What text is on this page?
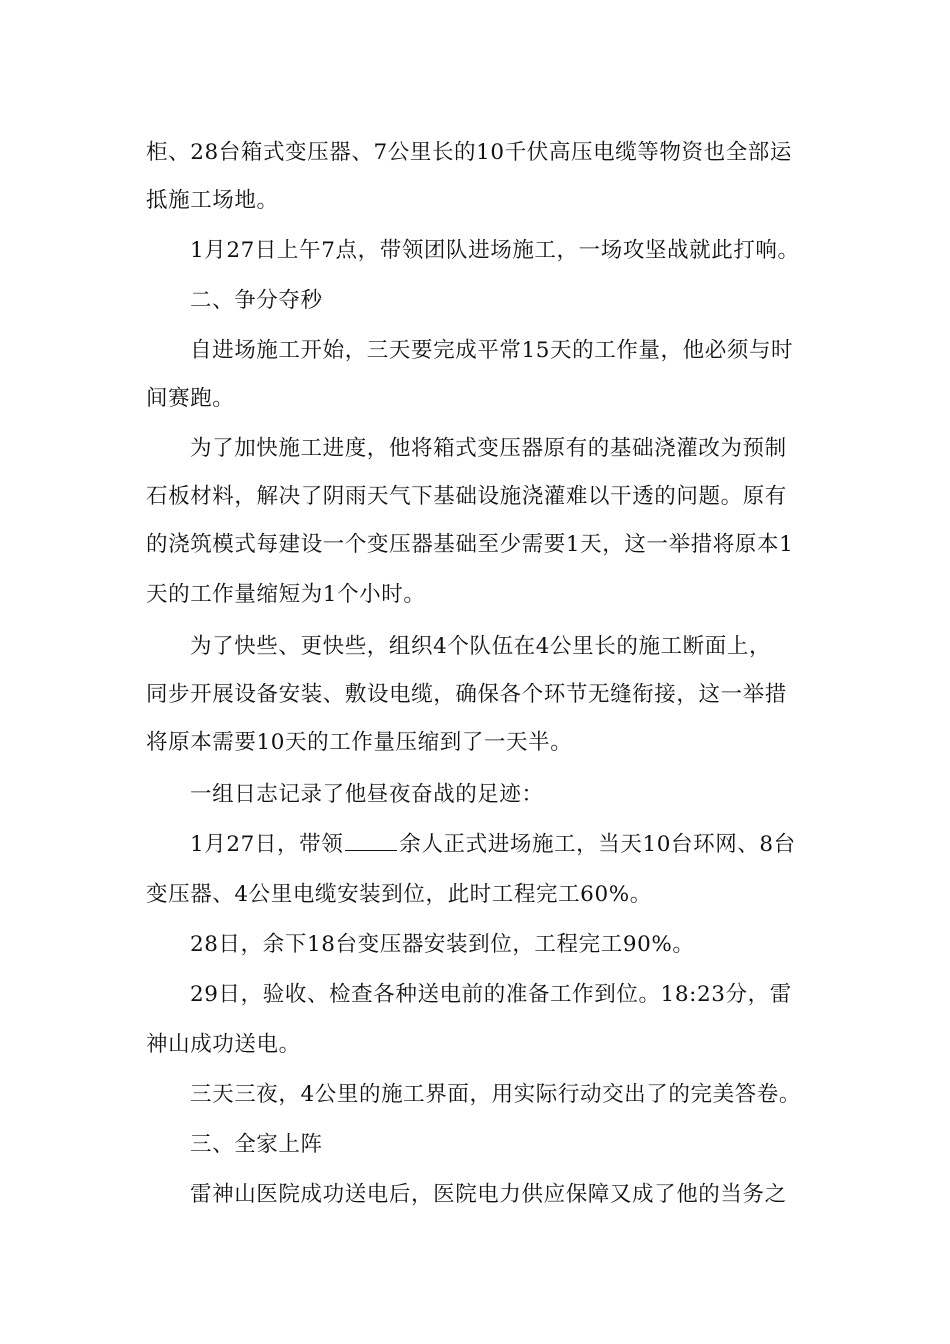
柜、28台箱式变压器、7公里长的10千伏高压电缆等物资也全部运
抵施工场地。
1月27日上午7点，带领团队进场施工，一场攻坚战就此打响。
二、争分夺秒
自进场施工开始，三天要完成平常15天的工作量，他必须与时
间赛跑。
为了加快施工进度，他将箱式变压器原有的基础浇灌改为预制
石板材料，解决了阴雨天气下基础设施浇灌难以干透的问题。原有
的浇筑模式每建设一个变压器基础至少需要1天，这一举措将原本1
天的工作量缩短为1个小时。
为了快些、更快些，组织4个队伍在4公里长的施工断面上，
同步开展设备安装、敷设电缆，确保各个环节无缝衔接，这一举措
将原本需要10天的工作量压缩到了一天半。
一组日志记录了他昼夜奋战的足迹：
1月27日，带领	余人正式进场施工，当天10台环网、8台
变压器、4公里电缆安装到位，此时工程完工60%。
28日，余下18台变压器安装到位，工程完工90%。
29日，验收、检查各种送电前的准备工作到位。18:23分，雷
神山成功送电。
三天三夜，4公里的施工界面，用实际行动交出了的完美答卷。
三、全家上阵
雷神山医院成功送电后，医院电力供应保障又成了他的当务之
